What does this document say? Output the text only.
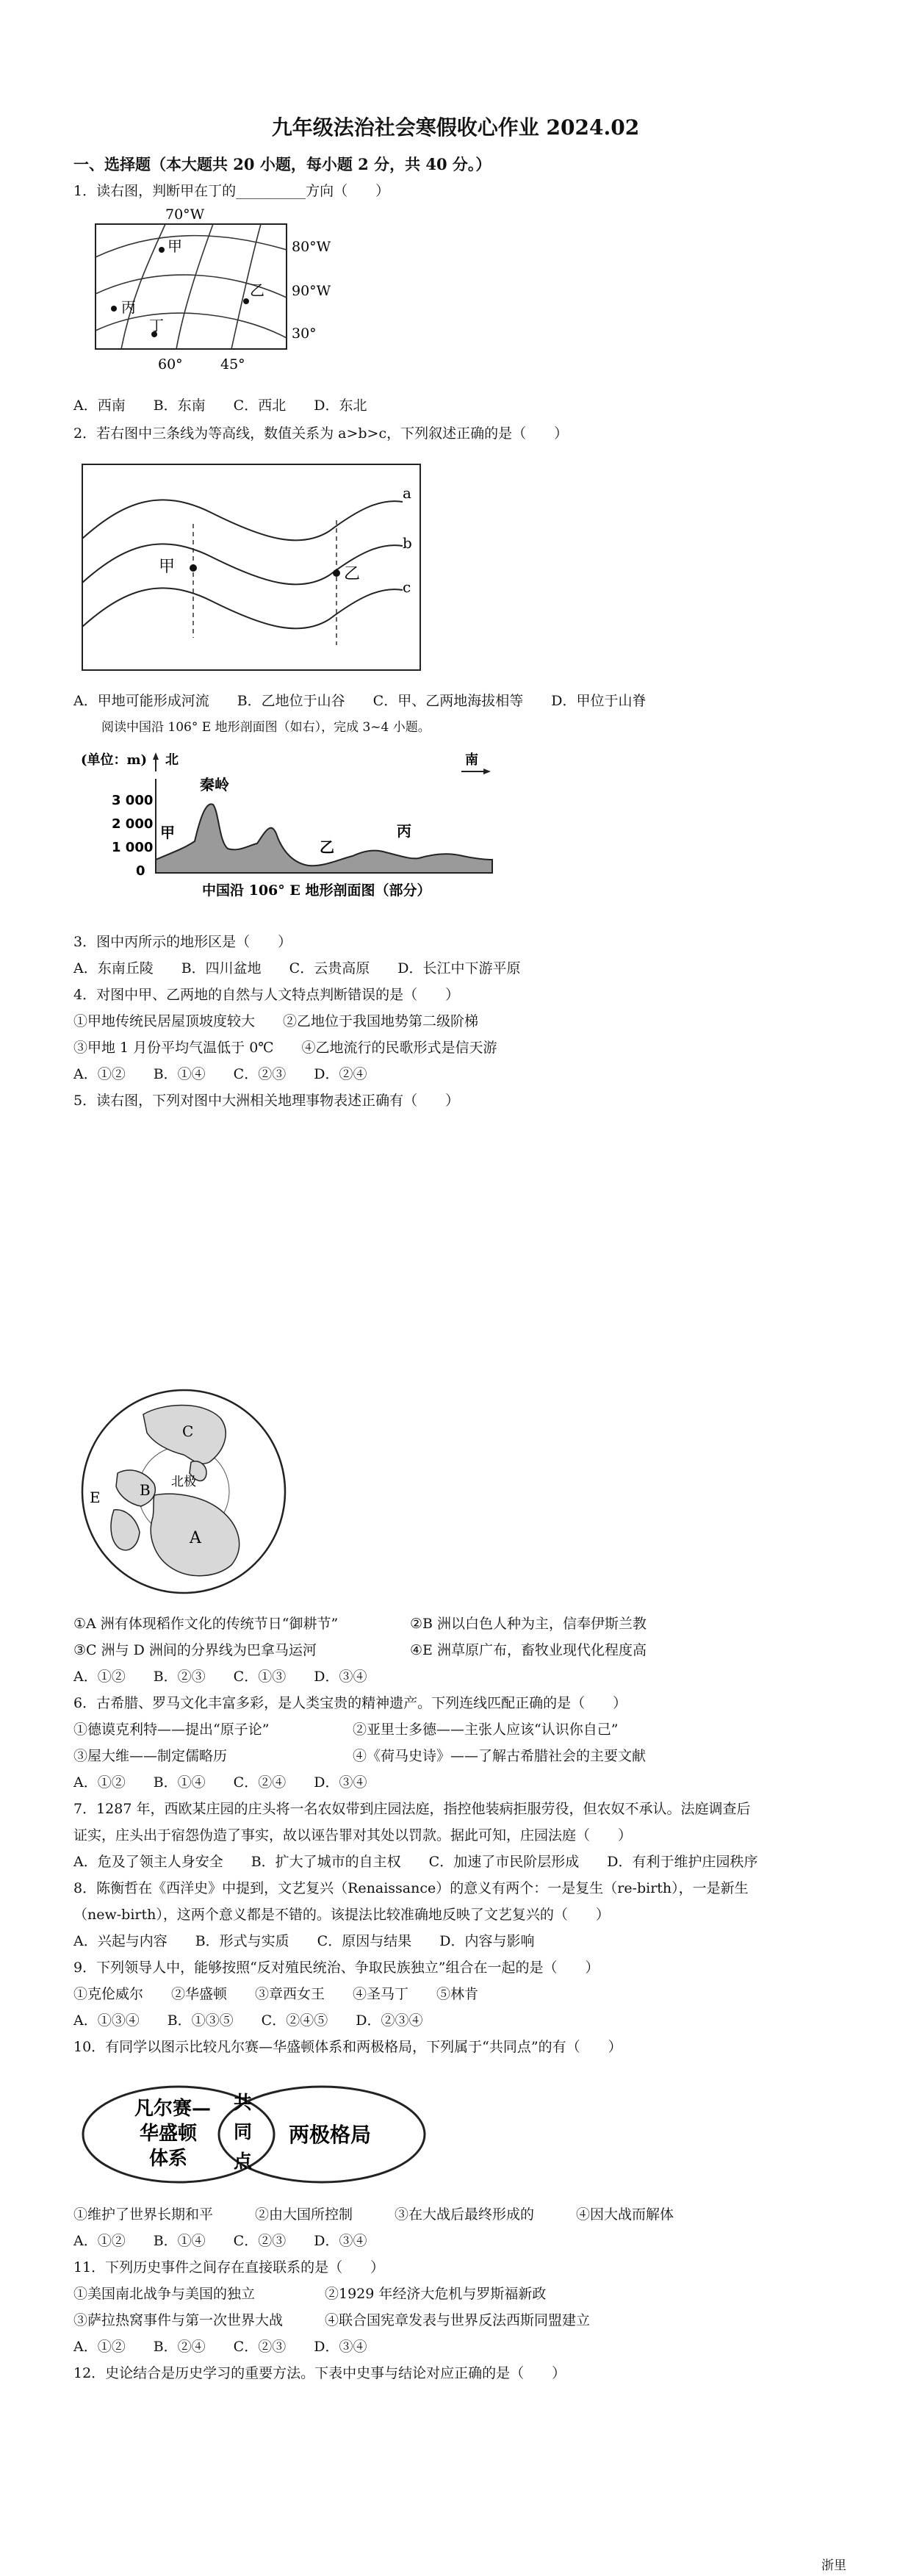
九年级法治社会寒假收心作业 2024.02
一、选择题（本大题共 20 小题，每小题 2 分，共 40 分。）
1．读右图，判断甲在丁的__________方向（　　）
70°W
80°W
90°W
30°
60°	45°
甲
丙
乙
丁
A．西南　　B．东南　　C．西北　　D．东北
2．若右图中三条线为等高线，数值关系为 a>b>c，下列叙述正确的是（　　）
a
b
c
甲	乙
A．甲地可能形成河流　　B．乙地位于山谷　　C．甲、乙两地海拔相等　　D．甲位于山脊
阅读中国沿 106° E 地形剖面图（如右），完成 3~4 小题。
(单位：m) 北	南
3 000
2 000
1 000
0
秦岭
甲
乙
丙
中国沿 106° E 地形剖面图（部分）
3．图中丙所示的地形区是（　　）
A．东南丘陵　　B．四川盆地　　C．云贵高原　　D．长江中下游平原
4．对图中甲、乙两地的自然与人文特点判断错误的是（　　）
①甲地传统民居屋顶坡度较大　　②乙地位于我国地势第二级阶梯
③甲地 1 月份平均气温低于 0℃　　④乙地流行的民歌形式是信天游
A．①②　　B．①④　　C．②③　　D．②④
5．读右图，下列对图中大洲相关地理事物表述正确有（　　）
C
B
A
E
北极
①A 洲有体现稻作文化的传统节日“御耕节”	②B 洲以白色人种为主，信奉伊斯兰教
③C 洲与 D 洲间的分界线为巴拿马运河	④E 洲草原广布，畜牧业现代化程度高
A．①②　　B．②③　　C．①③　　D．③④
6．古希腊、罗马文化丰富多彩，是人类宝贵的精神遗产。下列连线匹配正确的是（　　）
①德谟克利特——提出“原子论”	②亚里士多德——主张人应该“认识你自己”
③屋大维——制定儒略历	④《荷马史诗》——了解古希腊社会的主要文献
A．①②　　B．①④　　C．②④　　D．③④
7．1287 年，西欧某庄园的庄头将一名农奴带到庄园法庭，指控他装病拒服劳役，但农奴不承认。法庭调查后
证实，庄头出于宿怨伪造了事实，故以诬告罪对其处以罚款。据此可知，庄园法庭（　　）
A．危及了领主人身安全　　B．扩大了城市的自主权　　C．加速了市民阶层形成　　D．有利于维护庄园秩序
8．陈衡哲在《西洋史》中提到，文艺复兴（Renaissance）的意义有两个：一是复生（re-birth），一是新生
（new-birth），这两个意义都是不错的。该提法比较准确地反映了文艺复兴的（　　）
A．兴起与内容　　B．形式与实质　　C．原因与结果　　D．内容与影响
9．下列领导人中，能够按照“反对殖民统治、争取民族独立”组合在一起的是（　　）
①克伦威尔　　②华盛顿　　③章西女王　　④圣马丁　　⑤林肯
A．①③④　　B．①③⑤　　C．②④⑤　　D．②③④
10．有同学以图示比较凡尔赛—华盛顿体系和两极格局，下列属于“共同点”的有（　　）
凡尔赛—
华盛顿
体系
共
同
点
两极格局
①维护了世界长期和平　　　②由大国所控制　　　③在大战后最终形成的　　　④因大战而解体
A．①②　　B．①④　　C．②③　　D．③④
11．下列历史事件之间存在直接联系的是（　　）
①美国南北战争与美国的独立　　　　　②1929 年经济大危机与罗斯福新政
③萨拉热窝事件与第一次世界大战　　　④联合国宪章发表与世界反法西斯同盟建立
A．①②　　B．②④　　C．②③　　D．③④
12．史论结合是历史学习的重要方法。下表中史事与结论对应正确的是（　　）
浙里
